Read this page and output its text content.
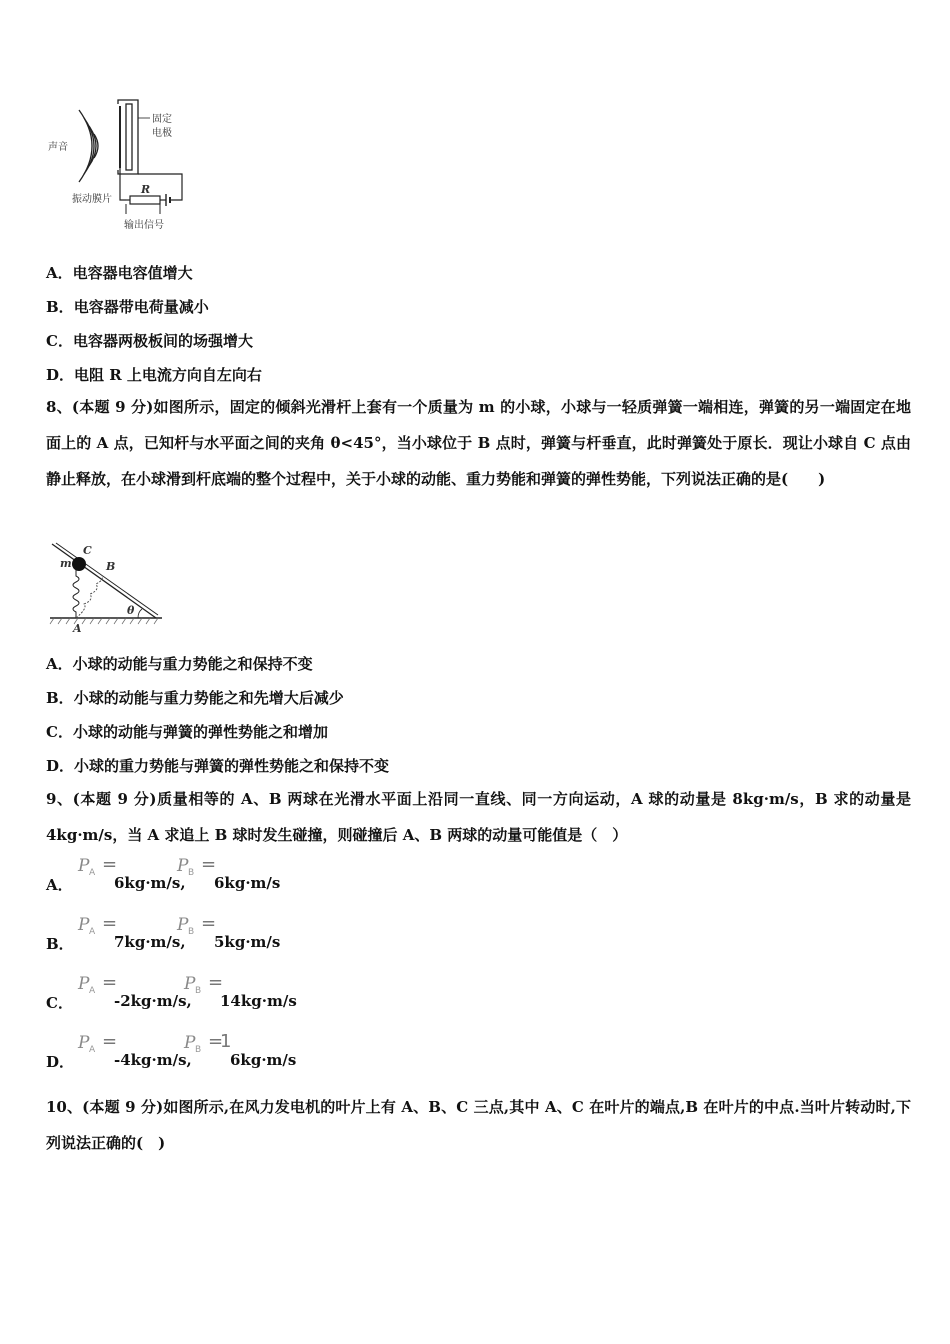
声音
固定
电极
R
振动膜片
输出信号
A．电容器电容值增大
B．电容器带电荷量减小
C．电容器两极板间的场强增大
D．电阻 R 上电流方向自左向右

8、(本题 9 分)如图所示，固定的倾斜光滑杆上套有一个质量为 m 的小球，小球与一轻质弹簧一端相连，弹簧的另一端固定在地面上的 A 点，已知杆与水平面之间的夹角 θ<45°，当小球位于 B 点时，弹簧与杆垂直，此时弹簧处于原长．现让小球自 C 点由静止释放，在小球滑到杆底端的整个过程中，关于小球的动能、重力势能和弹簧的弹性势能，下列说法正确的是(　　)

C
m	B
A
θ
A．小球的动能与重力势能之和保持不变
B．小球的动能与重力势能之和先增大后减少
C．小球的动能与弹簧的弹性势能之和增加
D．小球的重力势能与弹簧的弹性势能之和保持不变

9、(本题 9 分)质量相等的 A、B 两球在光滑水平面上沿同一直线、同一方向运动，A 球的动量是 8kg·m/s，B 求的动量是 4kg·m/s，当 A 求追上 B 球时发生碰撞，则碰撞后 A、B 两球的动量可能值是（　）

A．
P A =
6kg·m/s,
P B =
6kg·m/s
B．
P A =
7kg·m/s,
P B =
5kg·m/s
C．
P A =
-2kg·m/s,
P B =
14kg·m/s
D．
P A =
-4kg·m/s,
P B =
1
6kg·m/s

10、(本题 9 分)如图所示,在风力发电机的叶片上有 A、B、C 三点,其中 A、C 在叶片的端点,B 在叶片的中点.当叶片转动时,下列说法正确的(　)
